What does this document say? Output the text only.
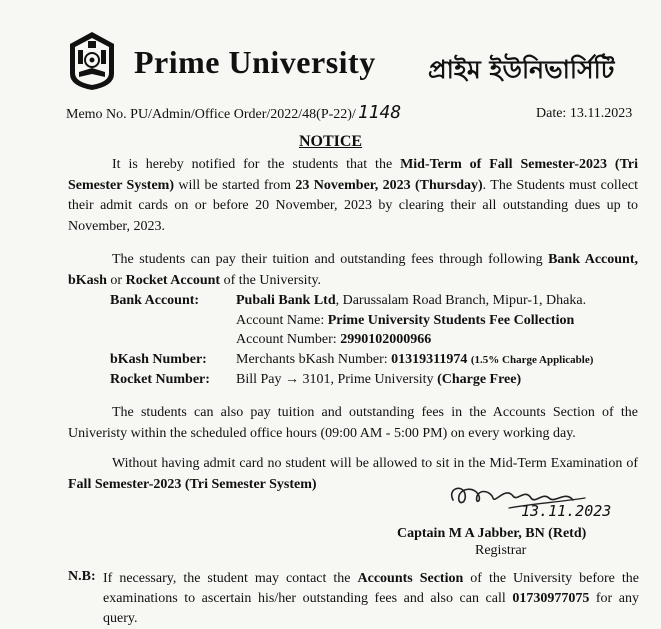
Prime University প্রাইম ইউনিভার্সিটি
Memo No. PU/Admin/Office Order/2022/48(P-22)/ 1148	Date: 13.11.2023
NOTICE
It is hereby notified for the students that the Mid-Term of Fall Semester-2023 (Tri Semester System) will be started from 23 November, 2023 (Thursday). The Students must collect their admit cards on or before 20 November, 2023 by clearing their all outstanding dues up to November, 2023.
The students can pay their tuition and outstanding fees through following Bank Account, bKash or Rocket Account of the University.
Bank Account:	Pubali Bank Ltd, Darussalam Road Branch, Mipur-1, Dhaka.
Account Name: Prime University Students Fee Collection
Account Number: 2990102000966
bKash Number: Merchants bKash Number: 01319311974 (1.5% Charge Applicable)
Rocket Number: Bill Pay → 3101, Prime University (Charge Free)
The students can also pay tuition and outstanding fees in the Accounts Section of the Univeristy within the scheduled office hours (09:00 AM - 5:00 PM) on every working day.
Without having admit card no student will be allowed to sit in the Mid-Term Examination of Fall Semester-2023 (Tri Semester System)
13.11.2023
Captain M A Jabber, BN (Retd)
Registrar
N.B: If necessary, the student may contact the Accounts Section of the University before the examinations to ascertain his/her outstanding fees and also can call 01730977075 for any query.
